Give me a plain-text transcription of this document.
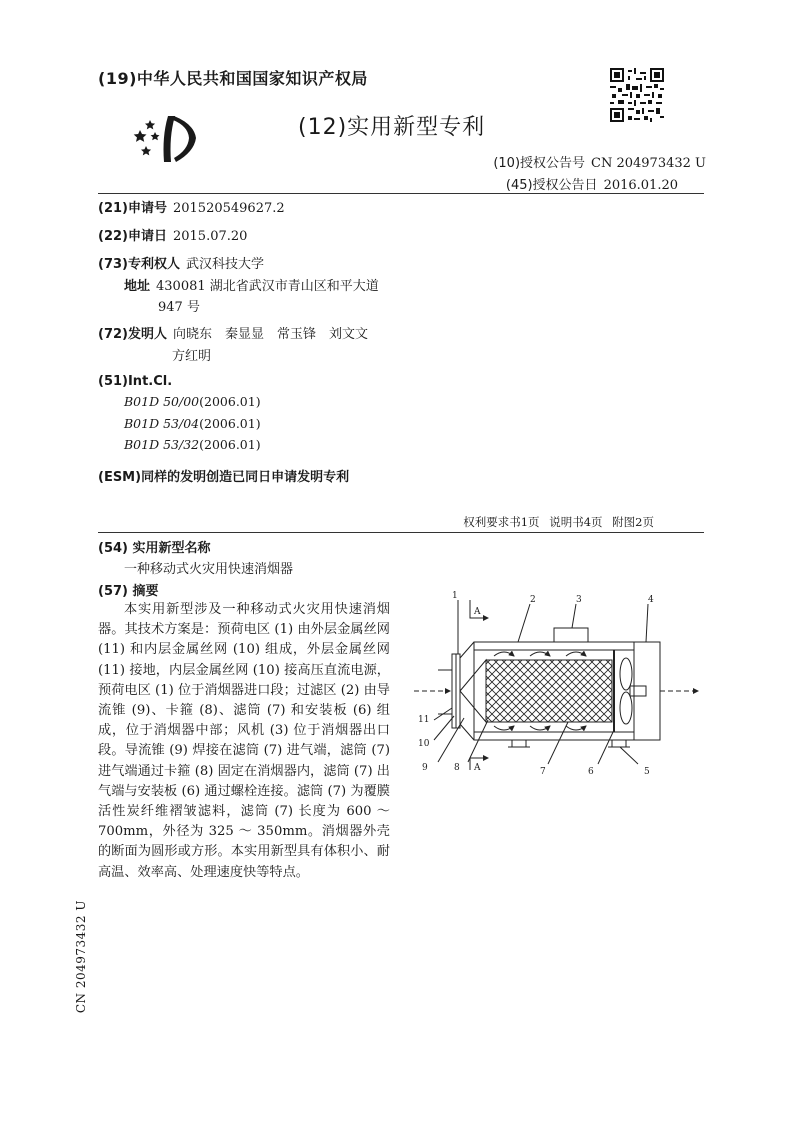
(19)中华人民共和国国家知识产权局
(12)实用新型专利
(10)授权公告号 CN 204973432 U
(45)授权公告日 2016.01.20
(21)申请号 201520549627.2
(22)申请日 2015.07.20
(73)专利权人 武汉科技大学
地址 430081 湖北省武汉市青山区和平大道
947 号
(72)发明人 向晓东　秦显显　常玉锋　刘文文
方红明
(51)Int.Cl.
B01D 50/00(2006.01)
B01D 53/04(2006.01)
B01D 53/32(2006.01)
(ESM)同样的发明创造已同日申请发明专利
权利要求书1页 说明书4页 附图2页
(54) 实用新型名称
一种移动式火灾用快速消烟器
(57) 摘要
本实用新型涉及一种移动式火灾用快速消烟器。其技术方案是：预荷电区 (1) 由外层金属丝网 (11) 和内层金属丝网 (10) 组成，外层金属丝网 (11) 接地，内层金属丝网 (10) 接高压直流电源，预荷电区 (1) 位于消烟器进口段；过滤区 (2) 由导流锥 (9)、卡箍 (8)、滤筒 (7) 和安装板 (6) 组成，位于消烟器中部；风机 (3) 位于消烟器出口段。导流锥 (9) 焊接在滤筒 (7) 进气端，滤筒 (7) 进气端通过卡箍 (8) 固定在消烟器内，滤筒 (7) 出气端与安装板 (6) 通过螺栓连接。滤筒 (7) 为覆膜活性炭纤维褶皱滤料，滤筒 (7) 长度为 600 ～ 700mm，外径为 325 ～ 350mm。消烟器外壳的断面为圆形或方形。本实用新型具有体积小、耐高温、效率高、处理速度快等特点。
1	2	3	4
11
10
9	8	7	6	5
A
A
CN 204973432 U
